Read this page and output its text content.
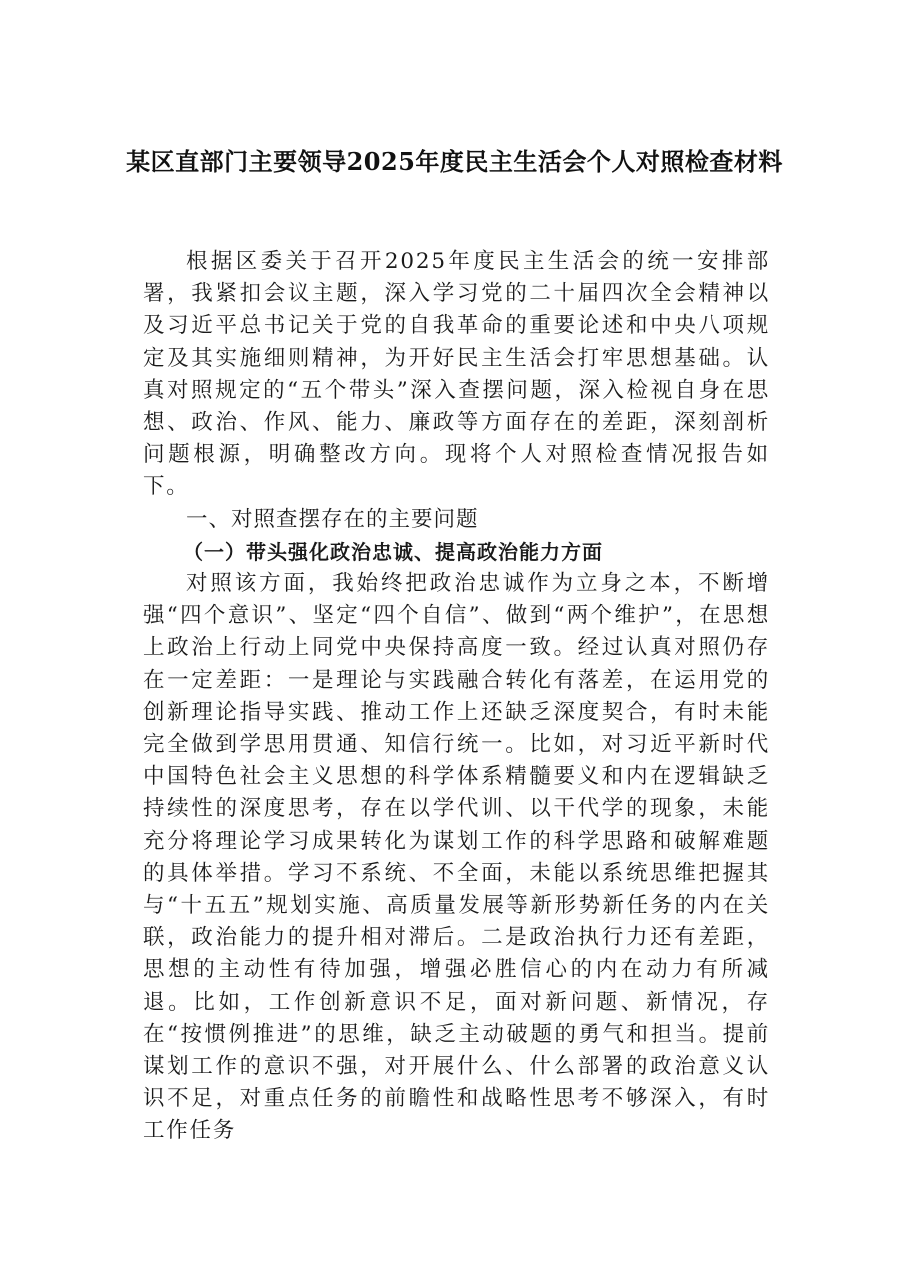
某区直部门主要领导2025年度民主生活会个人对照检查材料

根据区委关于召开2025年度民主生活会的统一安排部署，我紧扣会议主题，深入学习党的二十届四次全会精神以及习近平总书记关于党的自我革命的重要论述和中央八项规定及其实施细则精神，为开好民主生活会打牢思想基础。认真对照规定的“五个带头”深入查摆问题，深入检视自身在思想、政治、作风、能力、廉政等方面存在的差距，深刻剖析问题根源，明确整改方向。现将个人对照检查情况报告如下。

一、对照查摆存在的主要问题
（一）带头强化政治忠诚、提高政治能力方面

对照该方面，我始终把政治忠诚作为立身之本，不断增强“四个意识”、坚定“四个自信”、做到“两个维护”，在思想上政治上行动上同党中央保持高度一致。经过认真对照仍存在一定差距：一是理论与实践融合转化有落差，在运用党的创新理论指导实践、推动工作上还缺乏深度契合，有时未能完全做到学思用贯通、知信行统一。比如，对习近平新时代中国特色社会主义思想的科学体系精髓要义和内在逻辑缺乏持续性的深度思考，存在以学代训、以干代学的现象，未能充分将理论学习成果转化为谋划工作的科学思路和破解难题的具体举措。学习不系统、不全面，未能以系统思维把握其与“十五五”规划实施、高质量发展等新形势新任务的内在关联，政治能力的提升相对滞后。二是政治执行力还有差距，思想的主动性有待加强，增强必胜信心的内在动力有所减退。比如，工作创新意识不足，面对新问题、新情况，存在“按惯例推进”的思维，缺乏主动破题的勇气和担当。提前谋划工作的意识不强，对开展什么、什么部署的政治意义认识不足，对重点任务的前瞻性和战略性思考不够深入，有时工作任务
